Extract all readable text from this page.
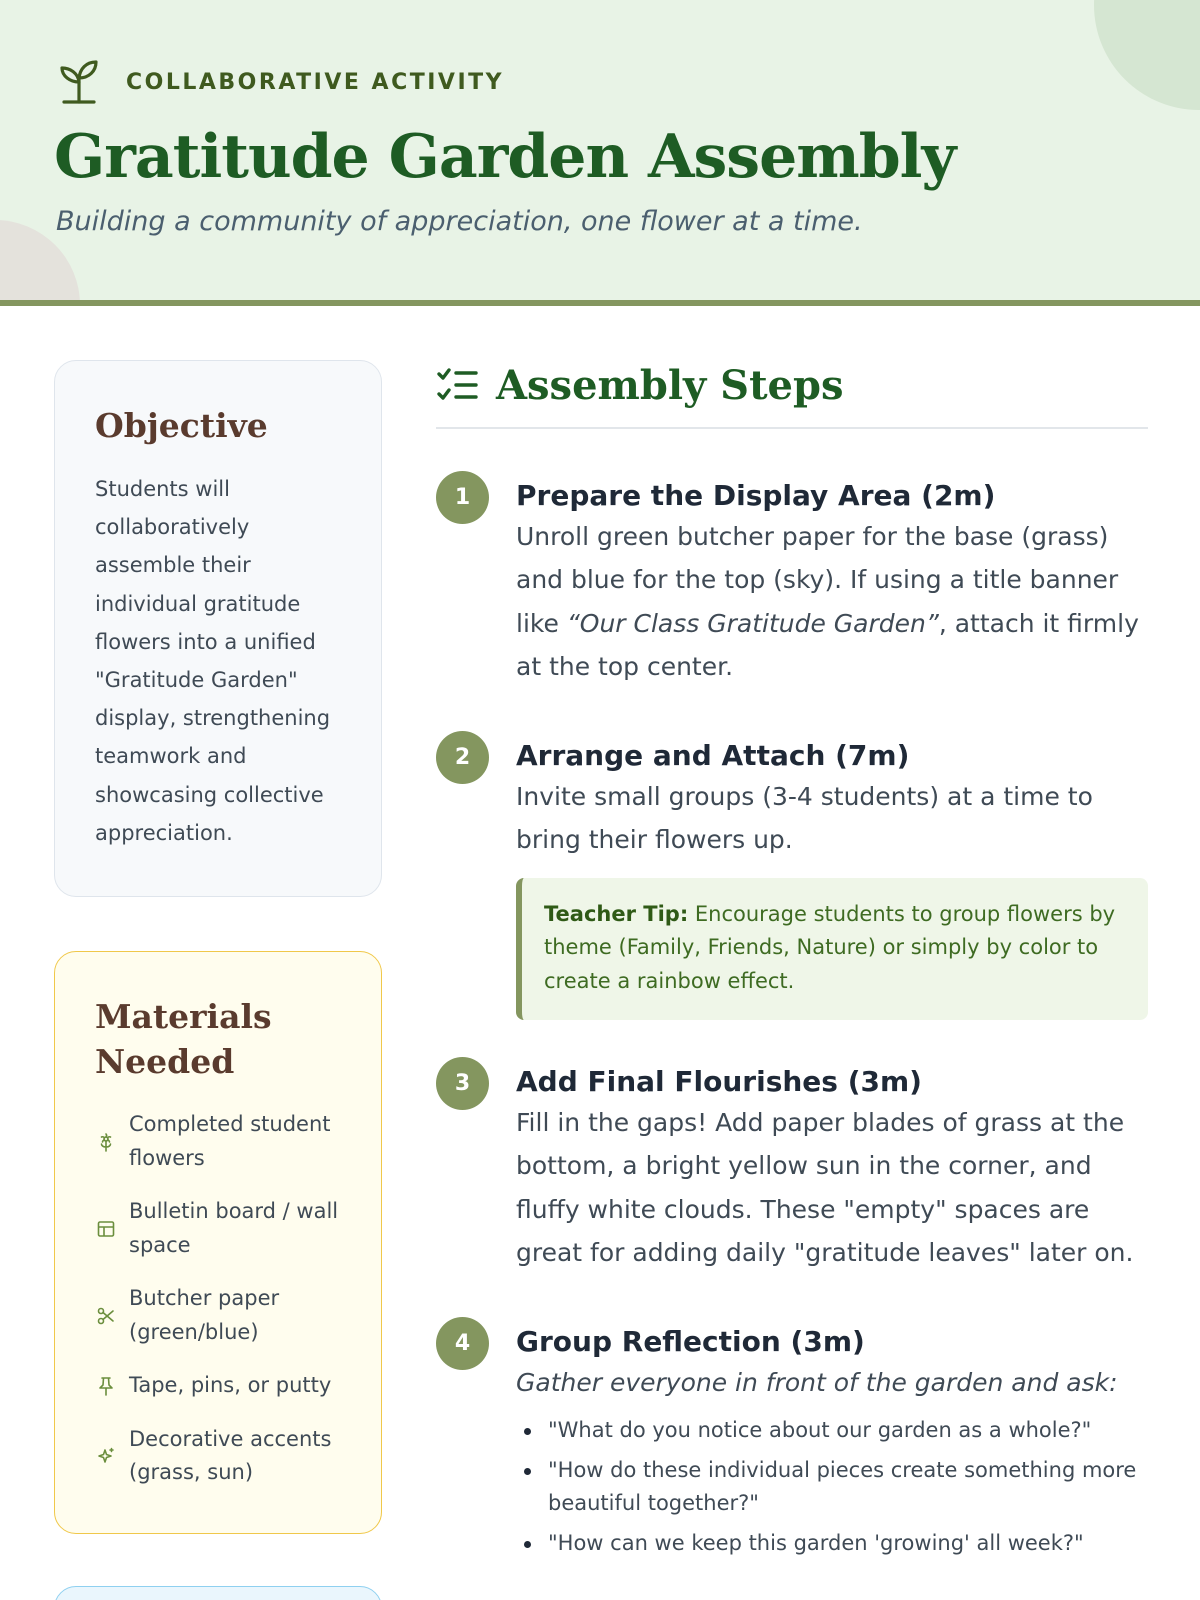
COLLABORATIVE ACTIVITY
Gratitude Garden Assembly

Building a community of appreciation, one flower at a time.

Objective

Students will collaboratively assemble their individual gratitude flowers into a unified "Gratitude Garden" display, strengthening teamwork and showcasing collective appreciation.

Materials Needed
Completed student flowers
Bulletin board / wall space
Butcher paper (green/blue)
Tape, pins, or putty
Decorative accents (grass, sun)
Assembly Steps
1	Prepare the Display Area (2m)

Unroll green butcher paper for the base (grass) and blue for the top (sky). If using a title banner like “Our Class Gratitude Garden”, attach it firmly at the top center.

2	Arrange and Attach (7m)

Invite small groups (3-4 students) at a time to bring their flowers up.

Teacher Tip: Encourage students to group flowers by theme (Family, Friends, Nature) or simply by color to create a rainbow effect.
3	Add Final Flourishes (3m)

Fill in the gaps! Add paper blades of grass at the bottom, a bright yellow sun in the corner, and fluffy white clouds. These "empty" spaces are great for adding daily "gratitude leaves" later on.

4	Group Reflection (3m)

Gather everyone in front of the garden and ask:

"What do you notice about our garden as a whole?"
"How do these individual pieces create something more beautiful together?"
"How can we keep this garden 'growing' all week?"
